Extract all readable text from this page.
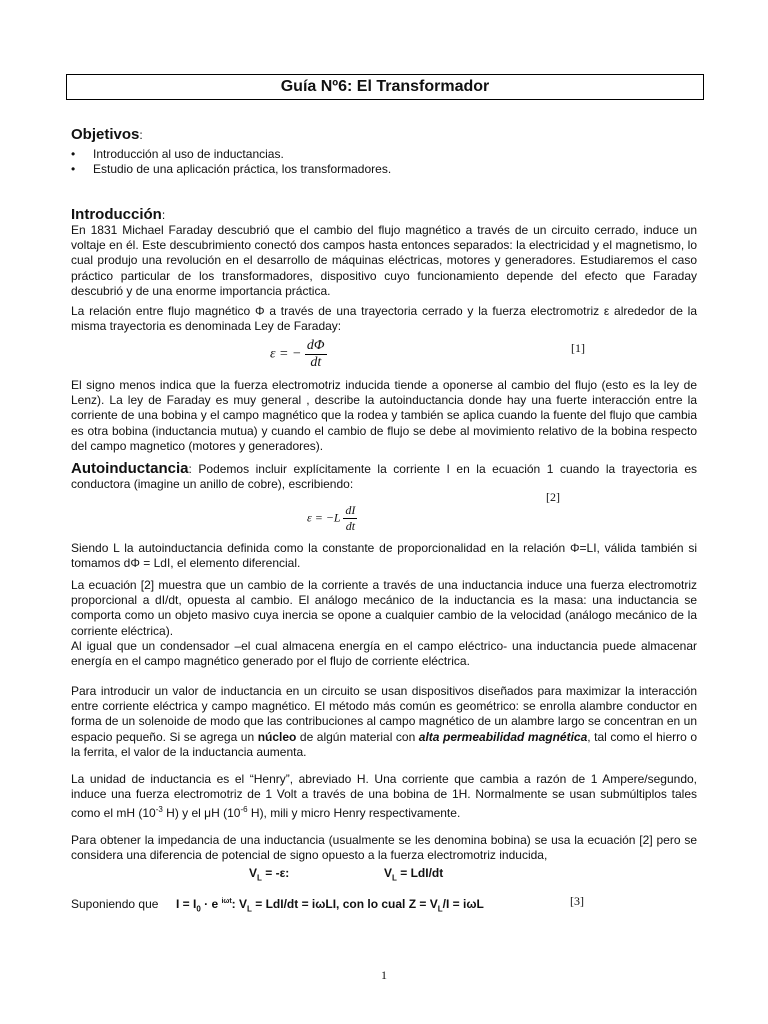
Guía Nº6: El Transformador
Objetivos:
• Introducción al uso de inductancias.
• Estudio de una aplicación práctica, los transformadores.
Introducción:
En 1831 Michael Faraday descubrió que el cambio del flujo magnético a través de un circuito cerrado, induce un voltaje en él. Este descubrimiento conectó dos campos hasta entonces separados: la electricidad y el magnetismo, lo cual produjo una revolución en el desarrollo de máquinas eléctricas, motores y generadores. Estudiaremos el caso práctico particular de los transformadores, dispositivo cuyo funcionamiento depende del efecto que Faraday descubrió y de una enorme importancia práctica.
La relación entre flujo magnético Φ a través de una trayectoria cerrado y la fuerza electromotriz ε alrededor de la misma trayectoria es denominada Ley de Faraday:
ε = − $\frac{d\Phi}{dt}$	[1]
El signo menos indica que la fuerza electromotriz inducida tiende a oponerse al cambio del flujo (esto es la ley de Lenz). La ley de Faraday es muy general , describe la autoinductancia donde hay una fuerte interacción entre la corriente de una bobina y el campo magnético que la rodea y también se aplica cuando la fuente del flujo que cambia es otra bobina (inductancia mutua) y cuando el cambio de flujo se debe al movimiento relativo de la bobina respecto del campo magnetico (motores y generadores).
Autoinductancia: Podemos incluir explícitamente la corriente I en la ecuación 1 cuando la trayectoria es conductora (imagine un anillo de cobre), escribiendo:
[2]
$\varepsilon = -L \frac{dI}{dt}$
Siendo L la autoinductancia definida como la constante de proporcionalidad en la relación Φ=LI, válida también si tomamos dΦ = LdI, el elemento diferencial.
La ecuación [2] muestra que un cambio de la corriente a través de una inductancia induce una fuerza electromotriz proporcional a dI/dt, opuesta al cambio. El análogo mecánico de la inductancia es la masa: una inductancia se comporta como un objeto masivo cuya inercia se opone a cualquier cambio de la velocidad (análogo mecánico de la corriente eléctrica).
Al igual que un condensador –el cual almacena energía en el campo eléctrico- una inductancia puede almacenar energía en el campo magnético generado por el flujo de corriente eléctrica.
Para introducir un valor de inductancia en un circuito se usan dispositivos diseñados para maximizar la interacción entre corriente eléctrica y campo magnético. El método más común es geométrico: se enrolla alambre conductor en forma de un solenoide de modo que las contribuciones al campo magnético de un alambre largo se concentran en un espacio pequeño. Si se agrega un núcleo de algún material con alta permeabilidad magnética, tal como el hierro o la ferrita, el valor de la inductancia aumenta.
La unidad de inductancia es el “Henry”, abreviado H. Una corriente que cambia a razón de 1 Ampere/segundo, induce una fuerza electromotriz de 1 Volt a través de una bobina de 1H. Normalmente se usan submúltiplos tales como el mH ($10^{-3}$ H) y el μH ($10^{-6}$ H), mili y micro Henry respectivamente.
Para obtener la impedancia de una inductancia (usualmente se les denomina bobina) se usa la ecuación [2] pero se considera una diferencia de potencial de signo opuesto a la fuerza electromotriz inducida,
$V_L = -\varepsilon$:	$V_L = LdI/dt$
Suponiendo que $I = I_0 \cdot e$ $^{i\omega t}$: $V_L = LdI/dt = i\omega LI$, con lo cual $Z = V_L/I = i\omega L$	[3]
1
